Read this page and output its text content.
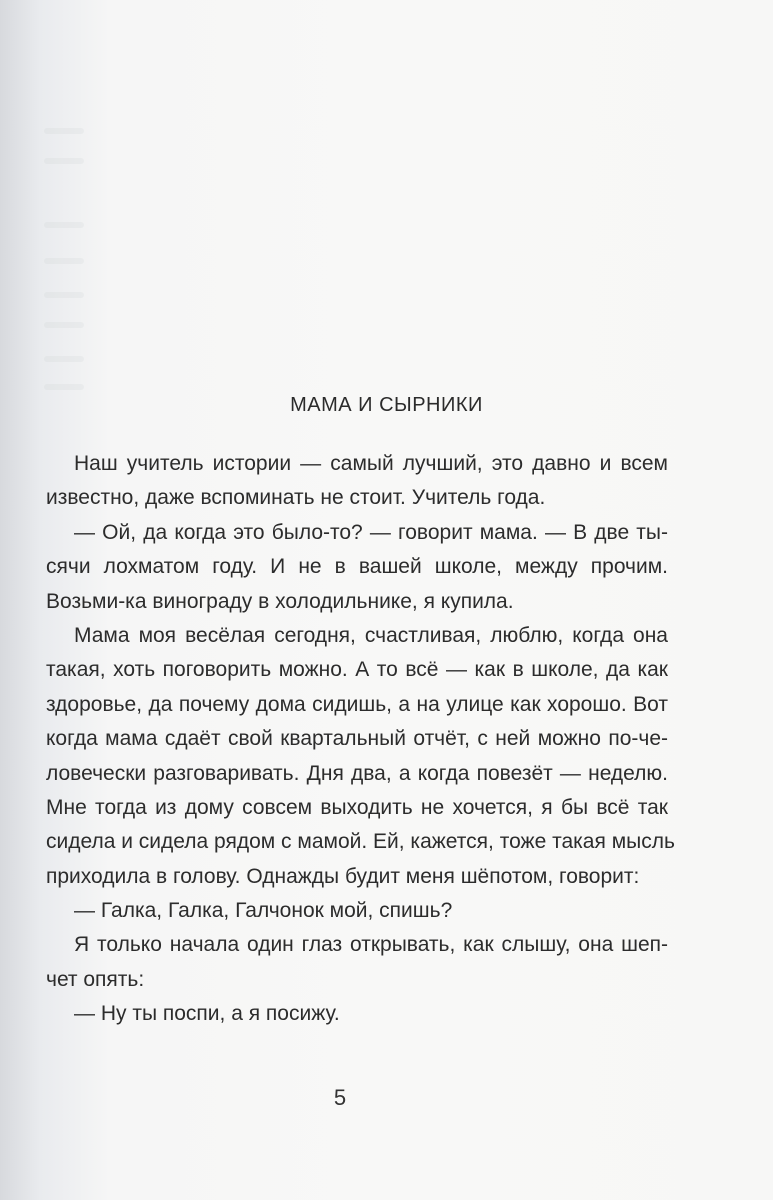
МАМА И СЫРНИКИ
Наш учитель истории — самый лучший, это давно и всем
известно, даже вспоминать не стоит. Учитель года.
— Ой, да когда это было-то? — говорит мама. — В две ты-
сячи лохматом году. И не в вашей школе, между прочим.
Возьми-ка винограду в холодильнике, я купила.
Мама моя весёлая сегодня, счастливая, люблю, когда она
такая, хоть поговорить можно. А то всё — как в школе, да как
здоровье, да почему дома сидишь, а на улице как хорошо. Вот
когда мама сдаёт свой квартальный отчёт, с ней можно по-че-
ловечески разговаривать. Дня два, а когда повезёт — неделю.
Мне тогда из дому совсем выходить не хочется, я бы всё так
сидела и сидела рядом с мамой. Ей, кажется, тоже такая мысль
приходила в голову. Однажды будит меня шёпотом, говорит:
— Галка, Галка, Галчонок мой, спишь?
Я только начала один глаз открывать, как слышу, она шеп-
чет опять:
— Ну ты поспи, а я посижу.
5
